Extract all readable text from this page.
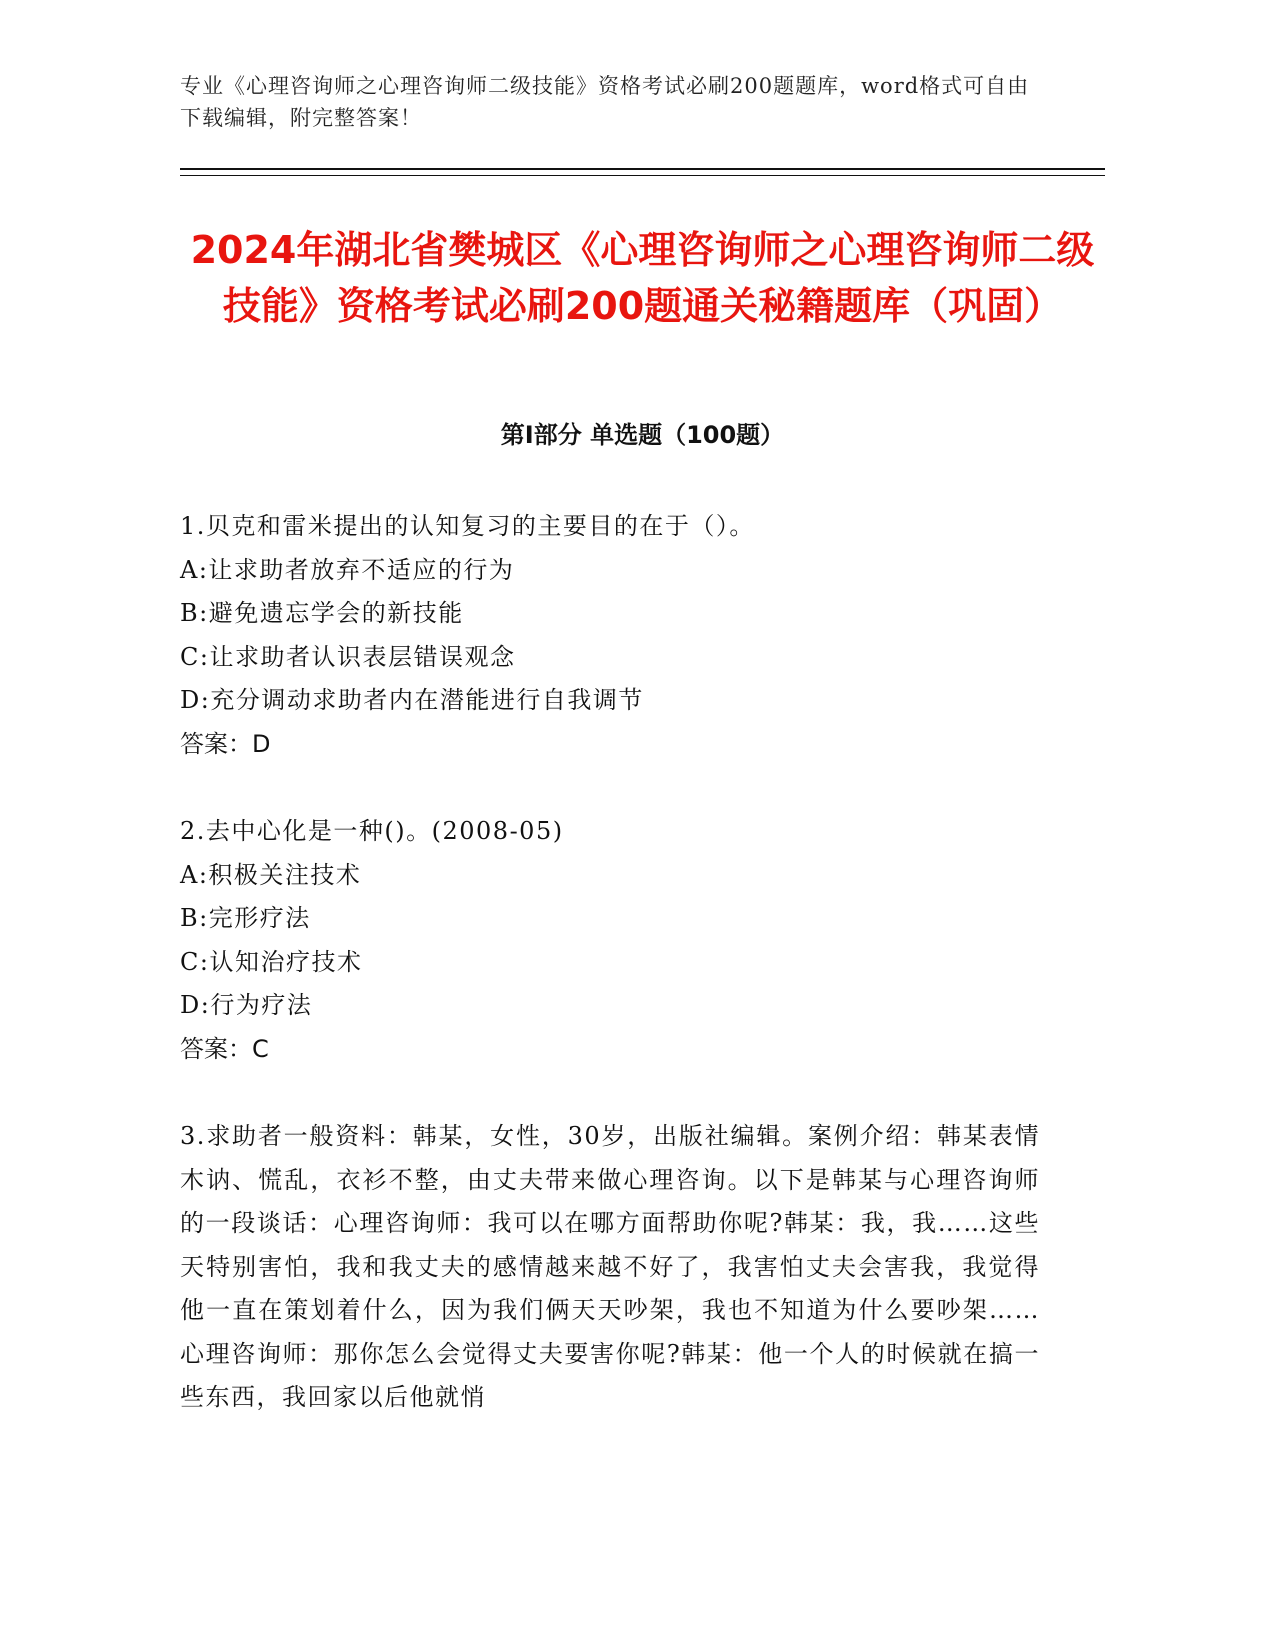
专业《心理咨询师之心理咨询师二级技能》资格考试必刷200题题库，word格式可自由下载编辑，附完整答案！
2024年湖北省樊城区《心理咨询师之心理咨询师二级技能》资格考试必刷200题通关秘籍题库（巩固）
第Ⅰ部分 单选题（100题）
1.贝克和雷米提出的认知复习的主要目的在于（）。
A:让求助者放弃不适应的行为
B:避免遗忘学会的新技能
C:让求助者认识表层错误观念
D:充分调动求助者内在潜能进行自我调节
答案：D
2.去中心化是一种()。(2008-05)
A:积极关注技术
B:完形疗法
C:认知治疗技术
D:行为疗法
答案：C
3.求助者一般资料：韩某，女性，30岁，出版社编辑。案例介绍：韩某表情木讷、慌乱，衣衫不整，由丈夫带来做心理咨询。以下是韩某与心理咨询师的一段谈话：心理咨询师：我可以在哪方面帮助你呢?韩某：我，我……这些天特别害怕，我和我丈夫的感情越来越不好了，我害怕丈夫会害我，我觉得他一直在策划着什么，因为我们俩天天吵架，我也不知道为什么要吵架……心理咨询师：那你怎么会觉得丈夫要害你呢?韩某：他一个人的时候就在搞一些东西，我回家以后他就悄
